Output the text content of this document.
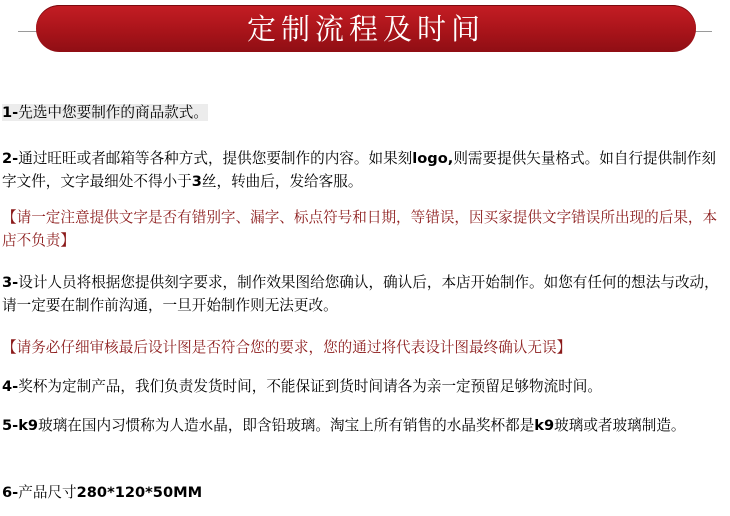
定制流程及时间

1-先选中您要制作的商品款式。

2-通过旺旺或者邮箱等各种方式，提供您要制作的内容。如果刻logo,则需要提供矢量格式。如自行提供制作刻字文件，文字最细处不得小于3丝，转曲后，发给客服。

【请一定注意提供文字是否有错别字、漏字、标点符号和日期，等错误，因买家提供文字错误所出现的后果，本店不负责】

3-设计人员将根据您提供刻字要求，制作效果图给您确认，确认后，本店开始制作。如您有任何的想法与改动，请一定要在制作前沟通，一旦开始制作则无法更改。

【请务必仔细审核最后设计图是否符合您的要求，您的通过将代表设计图最终确认无误】

4-奖杯为定制产品，我们负责发货时间，不能保证到货时间请各为亲一定预留足够物流时间。

5-k9玻璃在国内习惯称为人造水晶，即含铅玻璃。淘宝上所有销售的水晶奖杯都是k9玻璃或者玻璃制造。

6-产品尺寸280*120*50MM
